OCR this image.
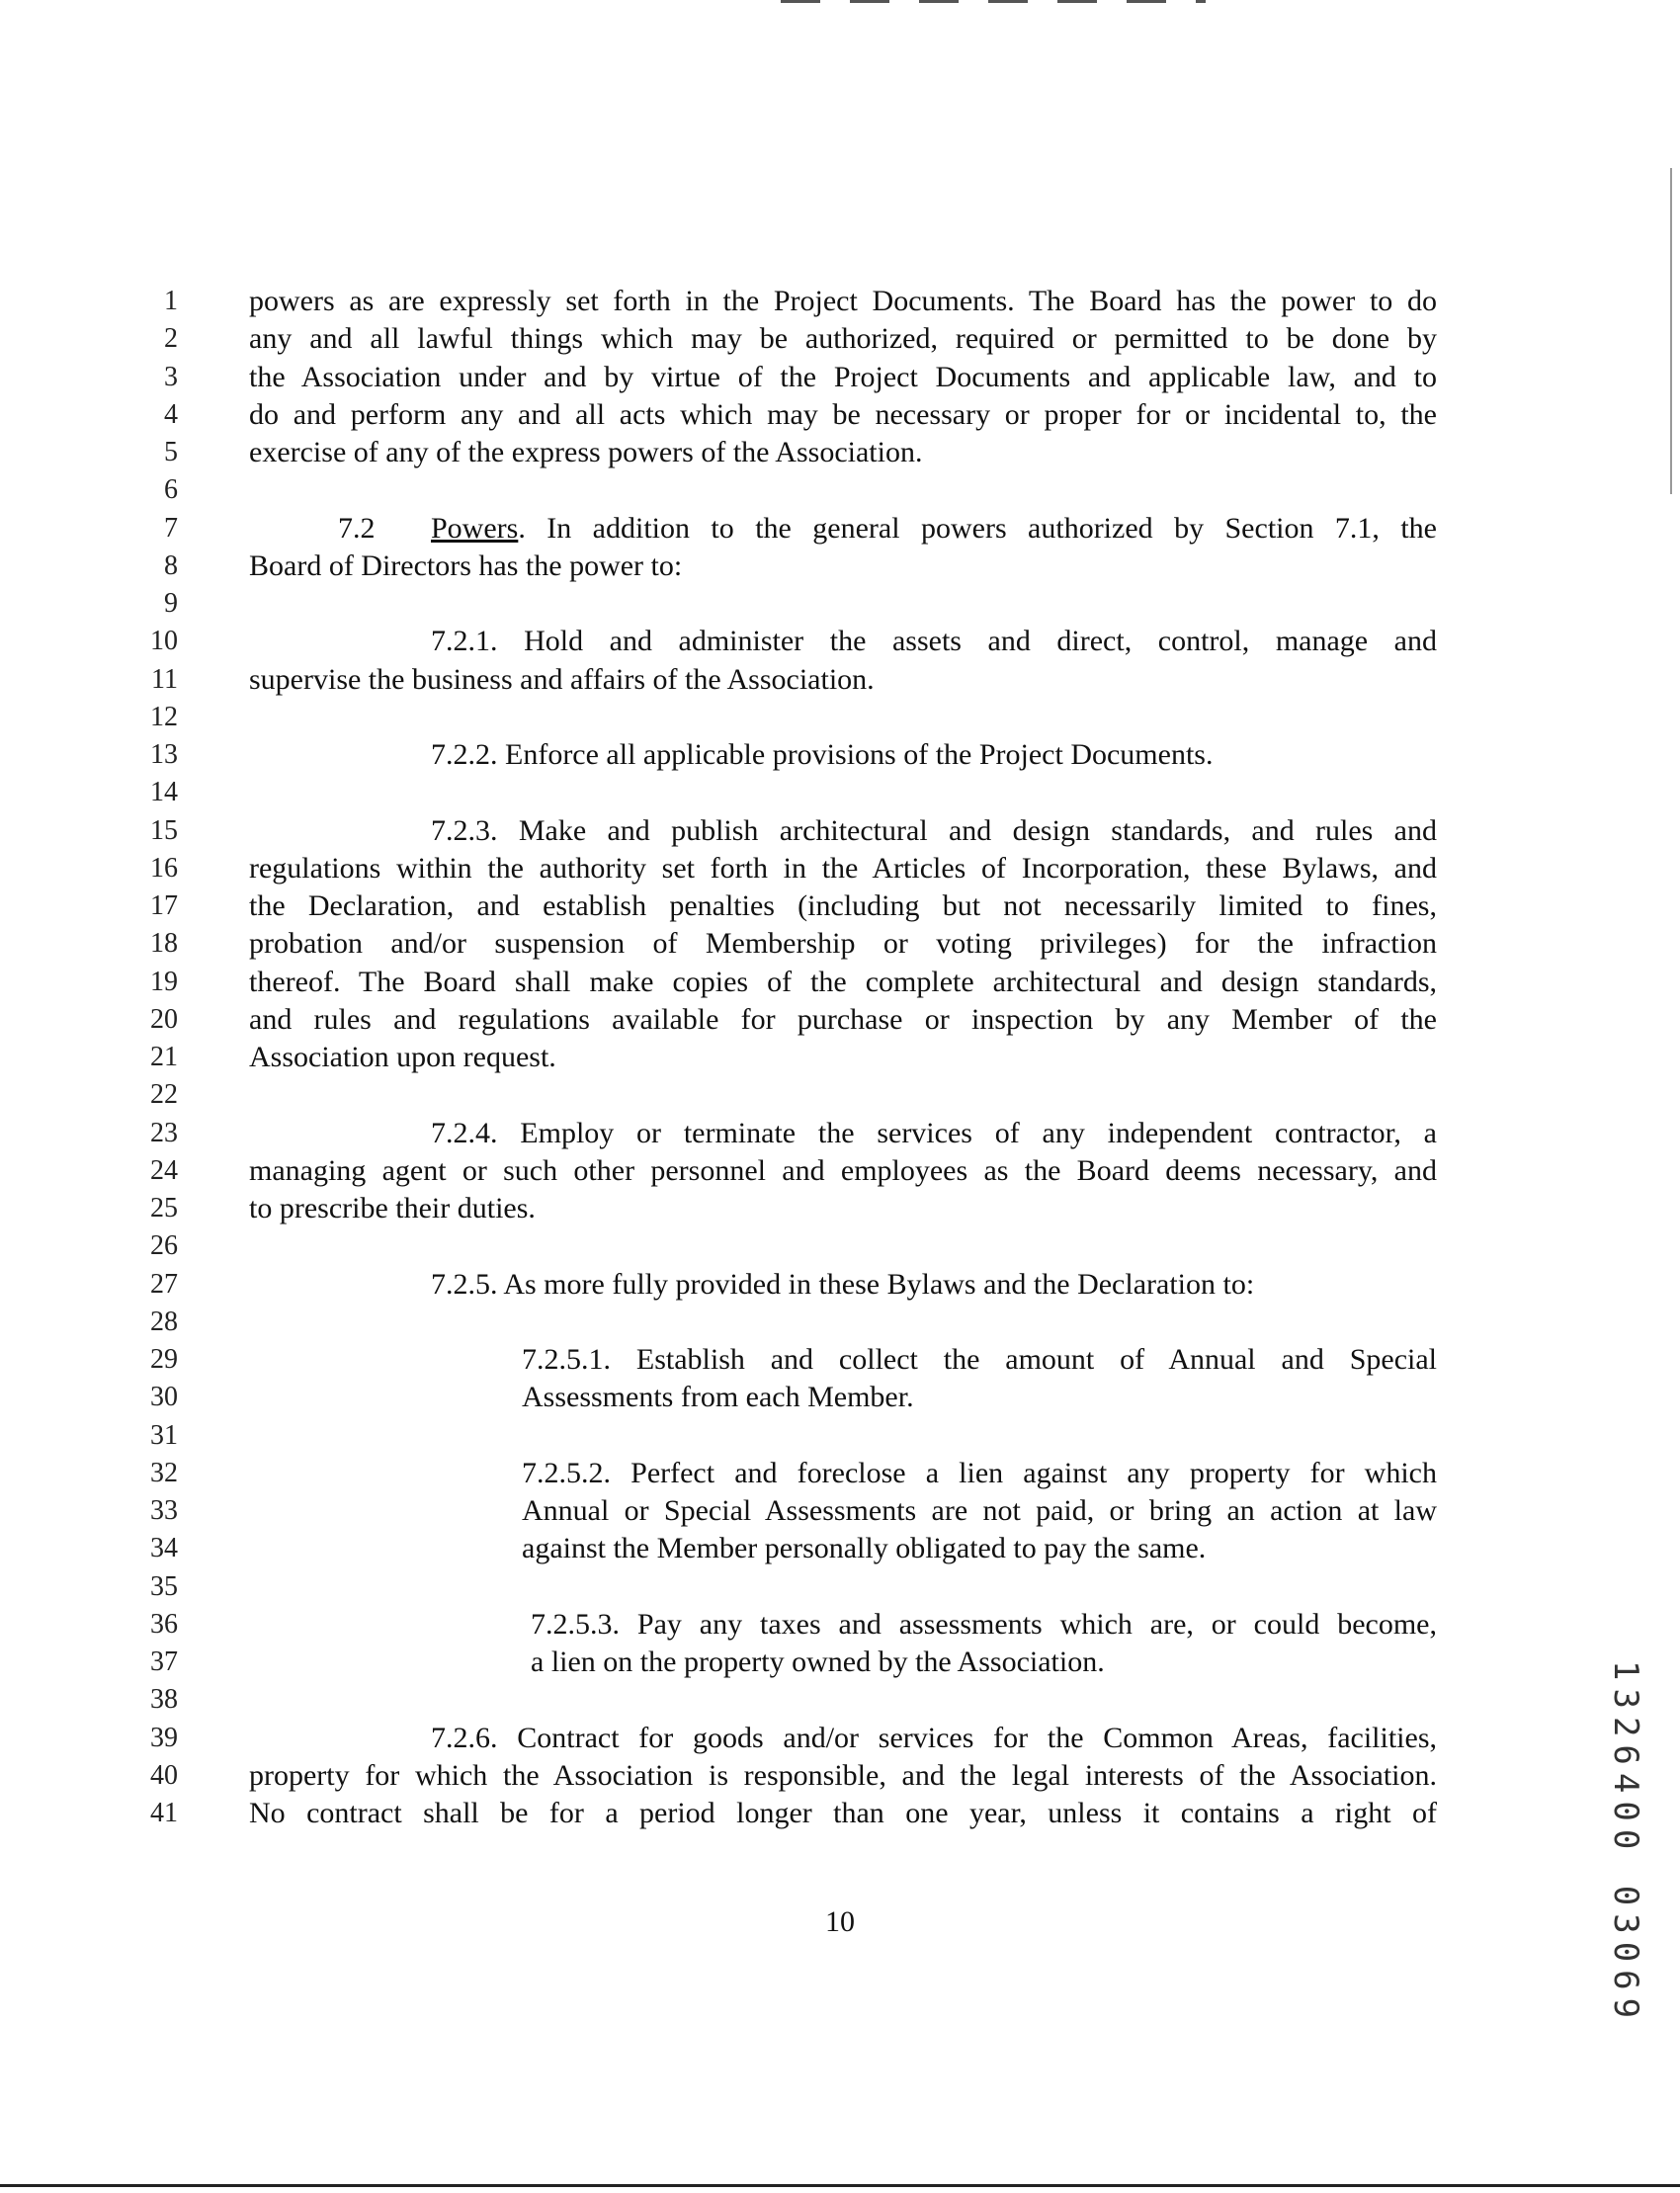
1 powers as are expressly set forth in the Project Documents. The Board has the power to do
2 any and all lawful things which may be authorized, required or permitted to be done by
3 the Association under and by virtue of the Project Documents and applicable law, and to
4 do and perform any and all acts which may be necessary or proper for or incidental to, the
5 exercise of any of the express powers of the Association.
6
7	7.2 Powers. In addition to the general powers authorized by Section 7.1, the
8 Board of Directors has the power to:
9
10	7.2.1. Hold and administer the assets and direct, control, manage and
11 supervise the business and affairs of the Association.
12
13	7.2.2. Enforce all applicable provisions of the Project Documents.
14
15	7.2.3. Make and publish architectural and design standards, and rules and
16 regulations within the authority set forth in the Articles of Incorporation, these Bylaws, and
17 the Declaration, and establish penalties (including but not necessarily limited to fines,
18 probation and/or suspension of Membership or voting privileges) for the infraction
19 thereof. The Board shall make copies of the complete architectural and design standards,
20 and rules and regulations available for purchase or inspection by any Member of the
21 Association upon request.
22
23	7.2.4. Employ or terminate the services of any independent contractor, a
24 managing agent or such other personnel and employees as the Board deems necessary, and
25 to prescribe their duties.
26
27	7.2.5. As more fully provided in these Bylaws and the Declaration to:
28
29	7.2.5.1. Establish and collect the amount of Annual and Special
30	Assessments from each Member.
31
32	7.2.5.2. Perfect and foreclose a lien against any property for which
33	Annual or Special Assessments are not paid, or bring an action at law
34	against the Member personally obligated to pay the same.
35
36	7.2.5.3. Pay any taxes and assessments which are, or could become,
37	a lien on the property owned by the Association.
38
39	7.2.6. Contract for goods and/or services for the Common Areas, facilities,
40 property for which the Association is responsible, and the legal interests of the Association.
41 No contract shall be for a period longer than one year, unless it contains a right of
10	1326400 03069
